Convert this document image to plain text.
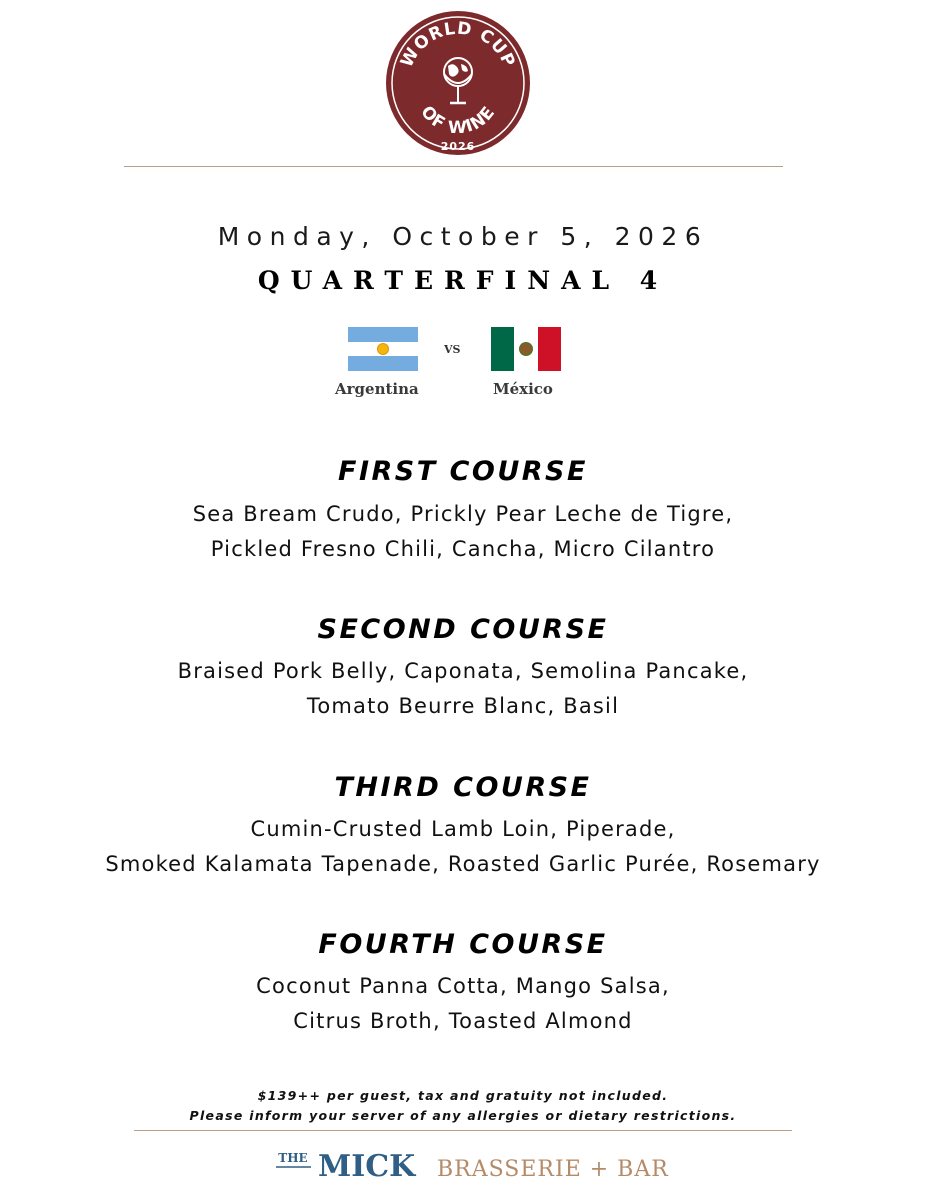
WORLD CUP
OF WINE
2026
Monday, October 5, 2026
QUARTERFINAL 4
VS
Argentina	México
FIRST COURSE
Sea Bream Crudo, Prickly Pear Leche de Tigre,
Pickled Fresno Chili, Cancha, Micro Cilantro
SECOND COURSE
Braised Pork Belly, Caponata, Semolina Pancake,
Tomato Beurre Blanc, Basil
THIRD COURSE
Cumin-Crusted Lamb Loin, Piperade,
Smoked Kalamata Tapenade, Roasted Garlic Purée, Rosemary
FOURTH COURSE
Coconut Panna Cotta, Mango Salsa,
Citrus Broth, Toasted Almond
$139++ per guest, tax and gratuity not included.
Please inform your server of any allergies or dietary restrictions.
THE MICK BRASSERIE + BAR
